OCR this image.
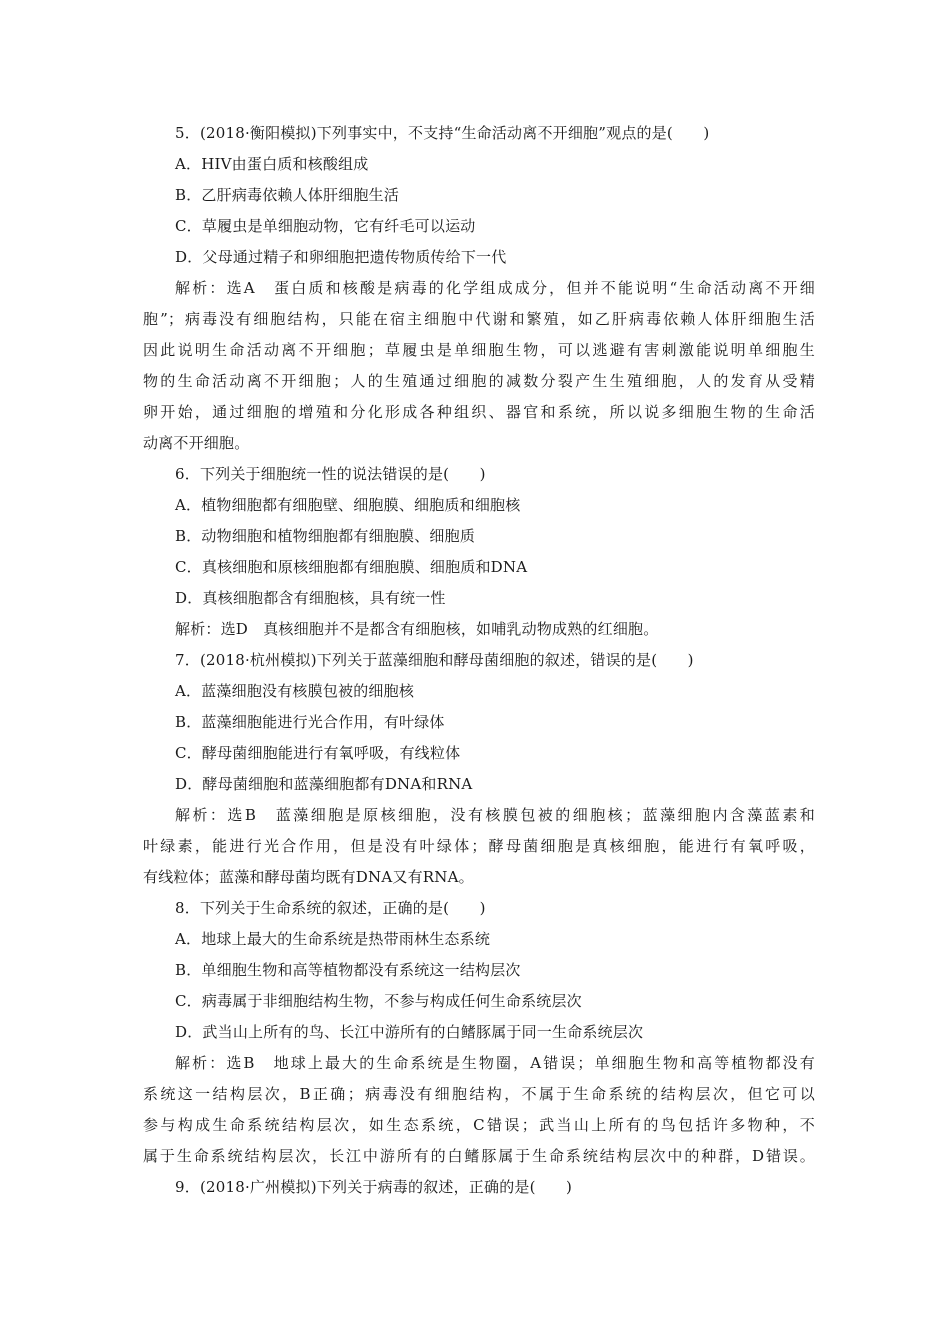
5．(2018·衡阳模拟)下列事实中，不支持“生命活动离不开细胞”观点的是(　　)
A．HIV由蛋白质和核酸组成
B．乙肝病毒依赖人体肝细胞生活
C．草履虫是单细胞动物，它有纤毛可以运动
D．父母通过精子和卵细胞把遗传物质传给下一代
解析：选A　蛋白质和核酸是病毒的化学组成成分，但并不能说明“生命活动离不开细
胞”；病毒没有细胞结构，只能在宿主细胞中代谢和繁殖，如乙肝病毒依赖人体肝细胞生活
因此说明生命活动离不开细胞；草履虫是单细胞生物，可以逃避有害刺激能说明单细胞生
物的生命活动离不开细胞；人的生殖通过细胞的减数分裂产生生殖细胞，人的发育从受精
卵开始，通过细胞的增殖和分化形成各种组织、器官和系统，所以说多细胞生物的生命活
动离不开细胞。
6．下列关于细胞统一性的说法错误的是(　　)
A．植物细胞都有细胞壁、细胞膜、细胞质和细胞核
B．动物细胞和植物细胞都有细胞膜、细胞质
C．真核细胞和原核细胞都有细胞膜、细胞质和DNA
D．真核细胞都含有细胞核，具有统一性
解析：选D　真核细胞并不是都含有细胞核，如哺乳动物成熟的红细胞。
7．(2018·杭州模拟)下列关于蓝藻细胞和酵母菌细胞的叙述，错误的是(　　)
A．蓝藻细胞没有核膜包被的细胞核
B．蓝藻细胞能进行光合作用，有叶绿体
C．酵母菌细胞能进行有氧呼吸，有线粒体
D．酵母菌细胞和蓝藻细胞都有DNA和RNA
解析：选B　蓝藻细胞是原核细胞，没有核膜包被的细胞核；蓝藻细胞内含藻蓝素和
叶绿素，能进行光合作用，但是没有叶绿体；酵母菌细胞是真核细胞，能进行有氧呼吸，
有线粒体；蓝藻和酵母菌均既有DNA又有RNA。
8．下列关于生命系统的叙述，正确的是(　　)
A．地球上最大的生命系统是热带雨林生态系统
B．单细胞生物和高等植物都没有系统这一结构层次
C．病毒属于非细胞结构生物，不参与构成任何生命系统层次
D．武当山上所有的鸟、长江中游所有的白鳍豚属于同一生命系统层次
解析：选B　地球上最大的生命系统是生物圈，A错误；单细胞生物和高等植物都没有
系统这一结构层次，B正确；病毒没有细胞结构，不属于生命系统的结构层次，但它可以
参与构成生命系统结构层次，如生态系统，C错误；武当山上所有的鸟包括许多物种，不
属于生命系统结构层次，长江中游所有的白鳍豚属于生命系统结构层次中的种群，D错误。
9．(2018·广州模拟)下列关于病毒的叙述，正确的是(　　)
